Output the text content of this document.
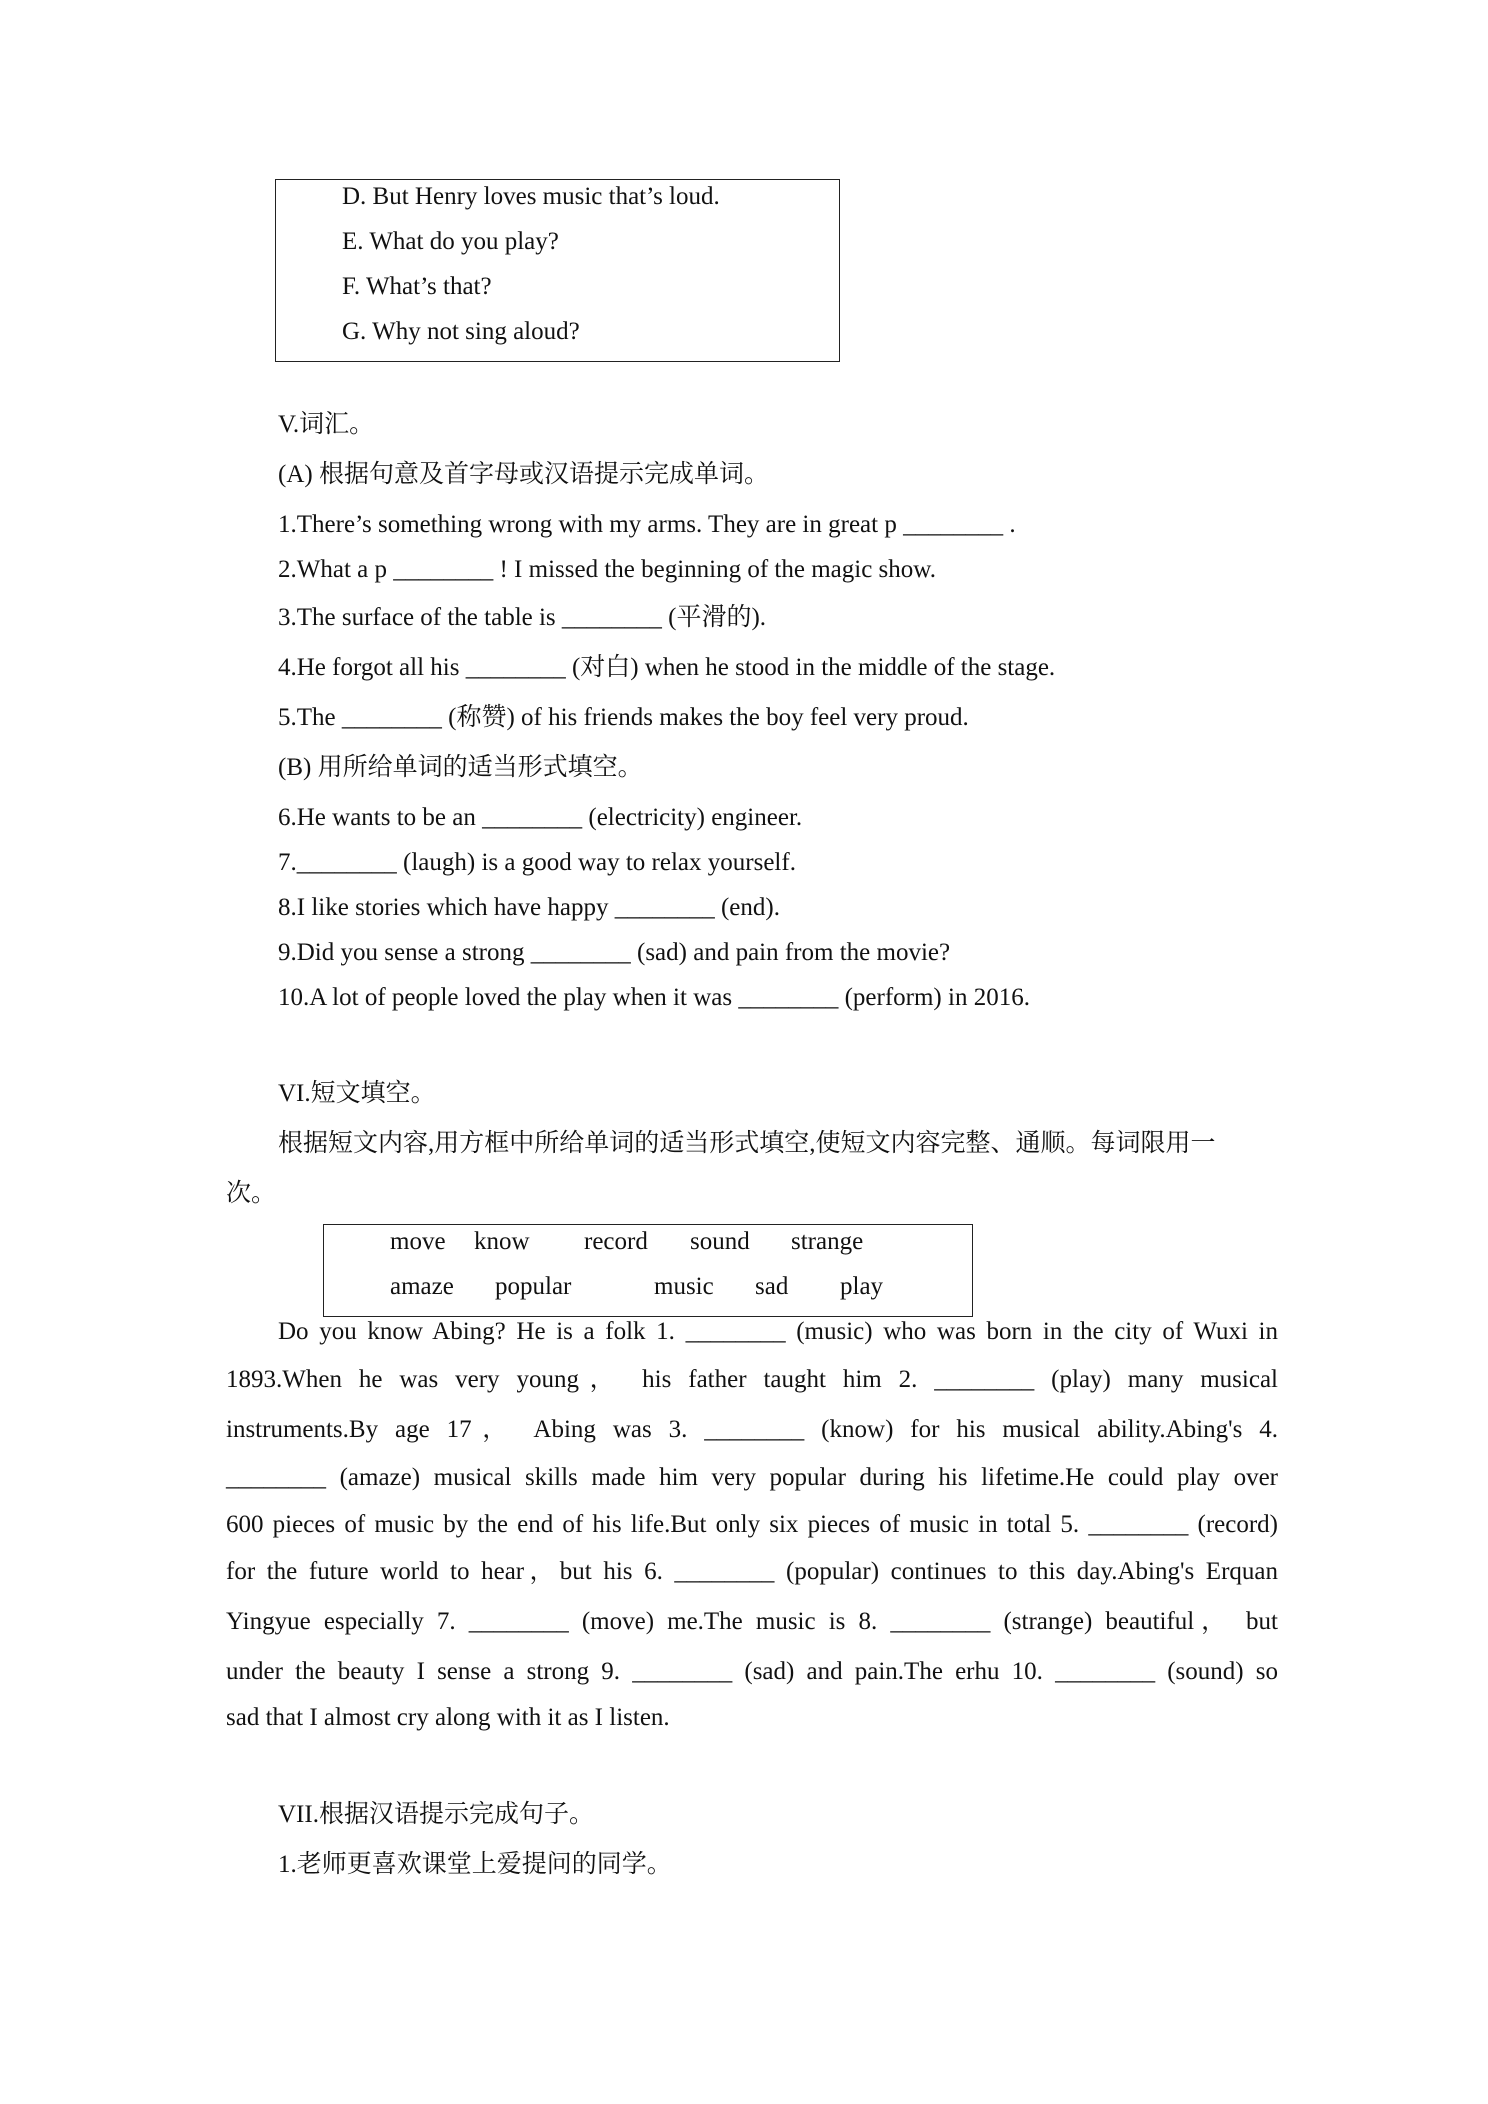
D. But Henry loves music that’s loud.
E. What do you play?
F. What’s that?
G. Why not sing aloud?
V.词汇。
(A) 根据句意及首字母或汉语提示完成单词。
1.There’s something wrong with my arms. They are in great p ________ .
2.What a p ________ ! I missed the beginning of the magic show.
3.The surface of the table is ________ (平滑的).
4.He forgot all his ________ (对白) when he stood in the middle of the stage.
5.The ________ (称赞) of his friends makes the boy feel very proud.
(B) 用所给单词的适当形式填空。
6.He wants to be an ________ (electricity) engineer.
7.________ (laugh) is a good way to relax yourself.
8.I like stories which have happy ________ (end).
9.Did you sense a strong ________ (sad) and pain from the movie?
10.A lot of people loved the play when it was ________ (perform) in 2016.
VI.短文填空。
根据短文内容,用方框中所给单词的适当形式填空,使短文内容完整、通顺。每词限用一
次。
move know record sound strange
amaze popular	music sad play
Do you know Abing? He is a folk 1. ________ (music) who was born in the city of Wuxi in
1893.When he was very young， his father taught him 2. ________ (play) many musical
instruments.By age 17， Abing was 3. ________ (know) for his musical ability.Abing's 4.
________ (amaze) musical skills made him very popular during his lifetime.He could play over
600 pieces of music by the end of his life.But only six pieces of music in total 5. ________ (record)
for the future world to hear，but his 6. ________ (popular) continues to this day.Abing's Erquan
Yingyue especially 7. ________ (move) me.The music is 8. ________ (strange) beautiful， but
under the beauty I sense a strong 9. ________ (sad) and pain.The erhu 10. ________ (sound) so
sad that I almost cry along with it as I listen.
VII.根据汉语提示完成句子。
1.老师更喜欢课堂上爱提问的同学。
